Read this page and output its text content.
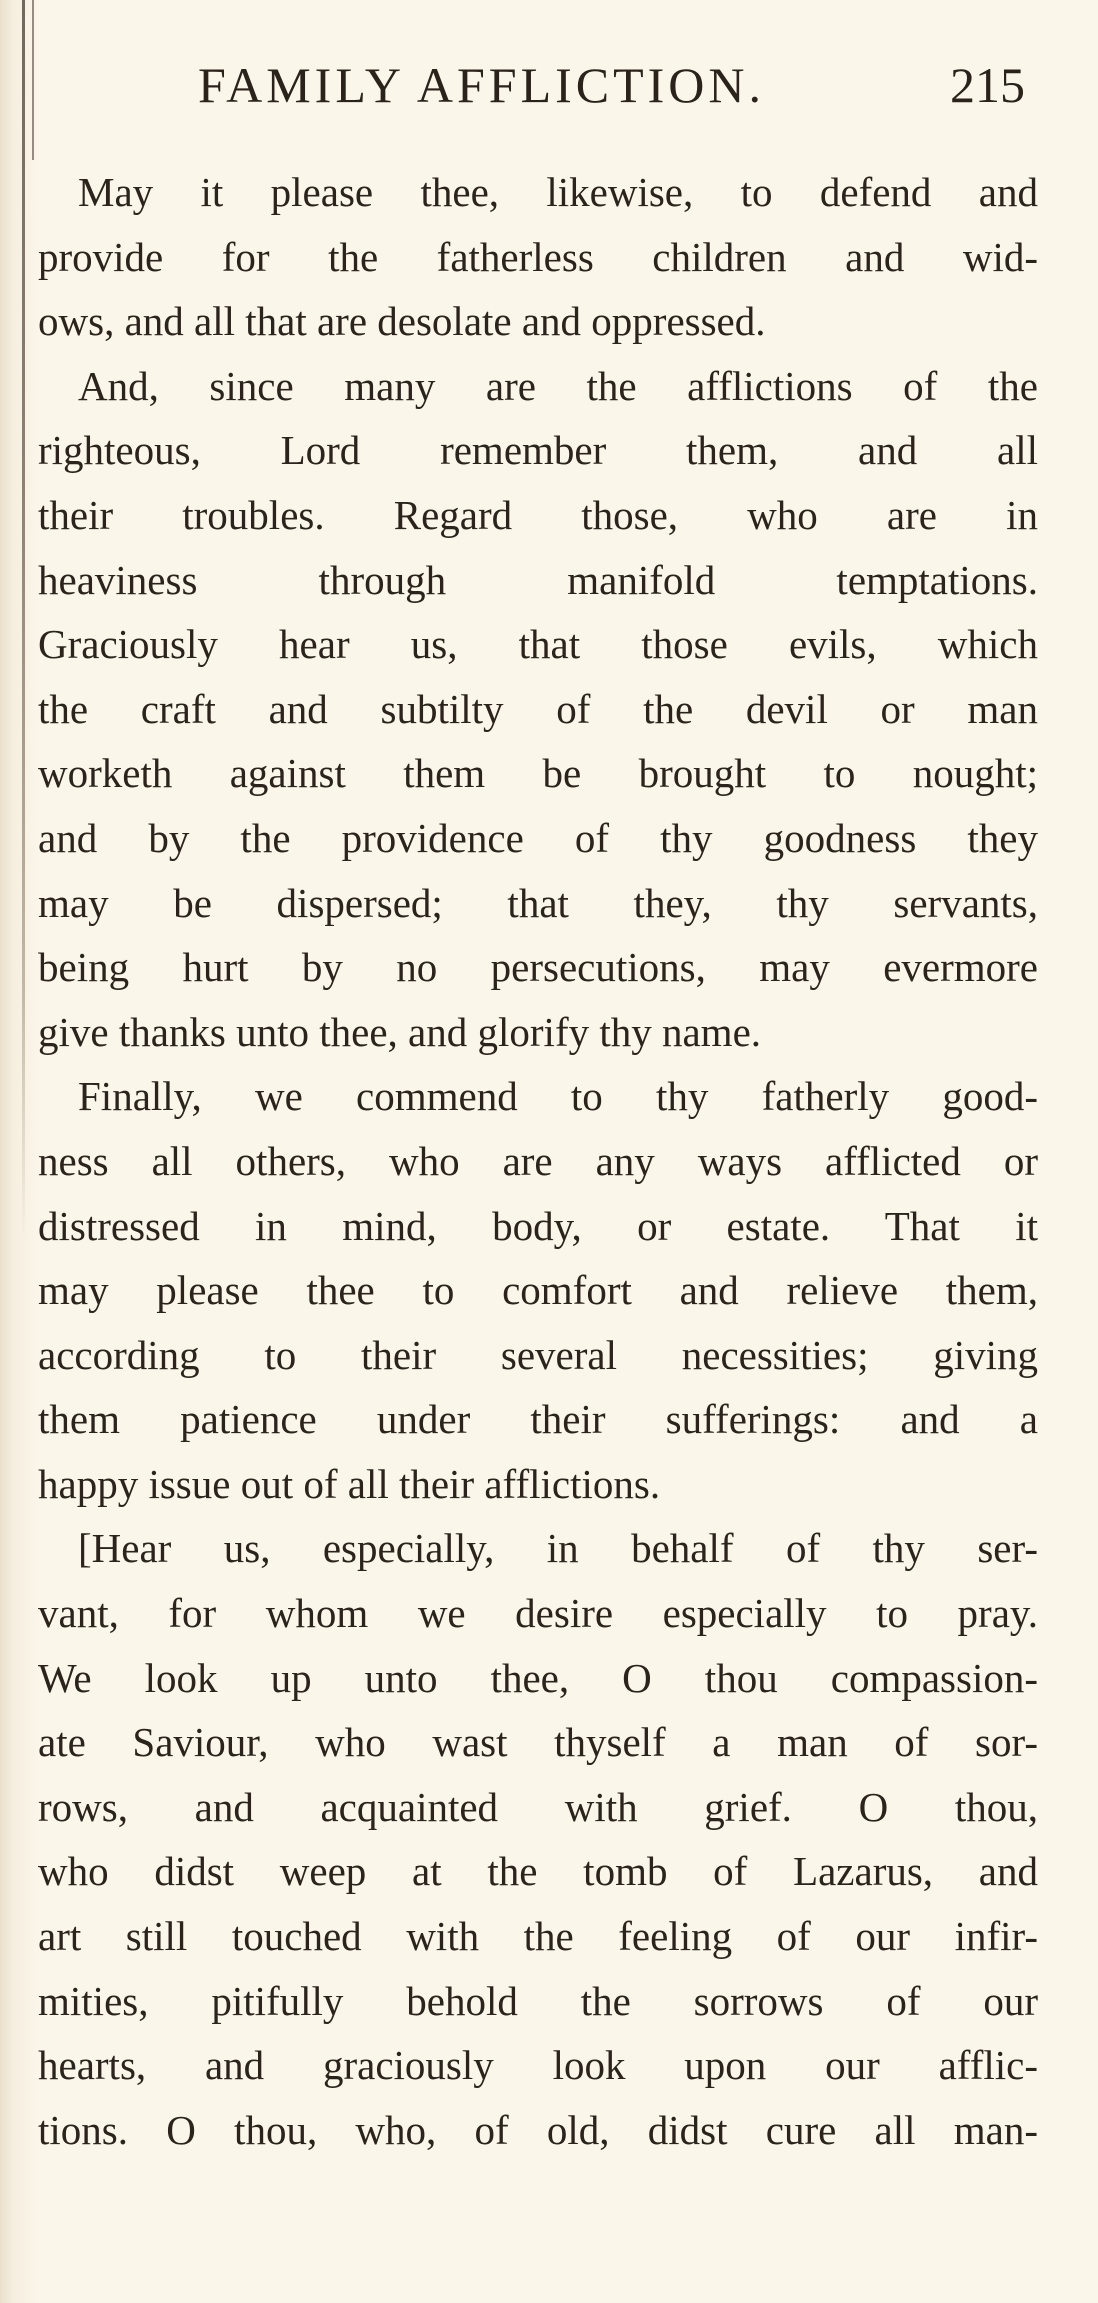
FAMILY AFFLICTION.	215
May it please thee, likewise, to defend and
provide for the fatherless children and wid-
ows, and all that are desolate and oppressed.
And, since many are the afflictions of the
righteous, Lord remember them, and all
their troubles. Regard those, who are in
heaviness through manifold temptations.
Graciously hear us, that those evils, which
the craft and subtilty of the devil or man
worketh against them be brought to nought;
and by the providence of thy goodness they
may be dispersed; that they, thy servants,
being hurt by no persecutions, may evermore
give thanks unto thee, and glorify thy name.
Finally, we commend to thy fatherly good-
ness all others, who are any ways afflicted or
distressed in mind, body, or estate. That it
may please thee to comfort and relieve them,
according to their several necessities; giving
them patience under their sufferings: and a
happy issue out of all their afflictions.
[Hear us, especially, in behalf of thy ser-
vant, for whom we desire especially to pray.
We look up unto thee, O thou compassion-
ate Saviour, who wast thyself a man of sor-
rows, and acquainted with grief. O thou,
who didst weep at the tomb of Lazarus, and
art still touched with the feeling of our infir-
mities, pitifully behold the sorrows of our
hearts, and graciously look upon our afflic-
tions. O thou, who, of old, didst cure all man-
